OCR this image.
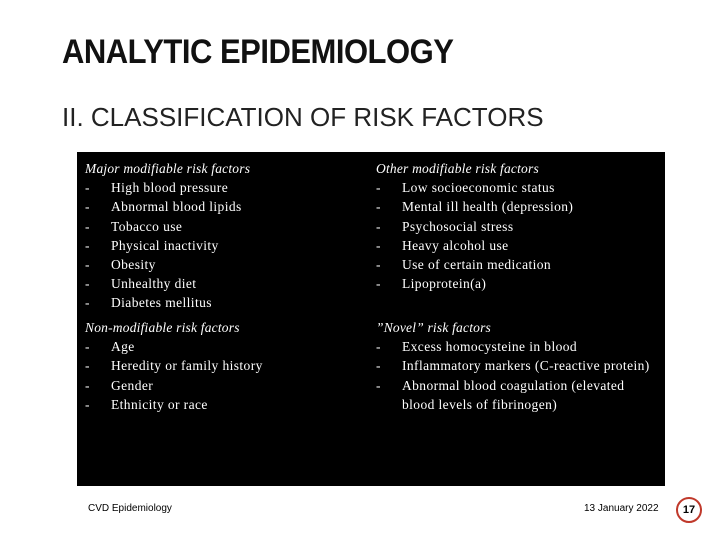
ANALYTIC EPIDEMIOLOGY
II. CLASSIFICATION OF RISK FACTORS
Major modifiable risk factors
- High blood pressure
- Abnormal blood lipids
- Tobacco use
- Physical inactivity
- Obesity
- Unhealthy diet
- Diabetes mellitus
Other modifiable risk factors
- Low socioeconomic status
- Mental ill health (depression)
- Psychosocial stress
- Heavy alcohol use
- Use of certain medication
- Lipoprotein(a)
Non-modifiable risk factors
- Age
- Heredity or family history
- Gender
- Ethnicity or race
”Novel” risk factors
- Excess homocysteine in blood
- Inflammatory markers (C-reactive protein)
- Abnormal blood coagulation (elevated blood levels of fibrinogen)
CVD Epidemiology	13 January 2022	17
